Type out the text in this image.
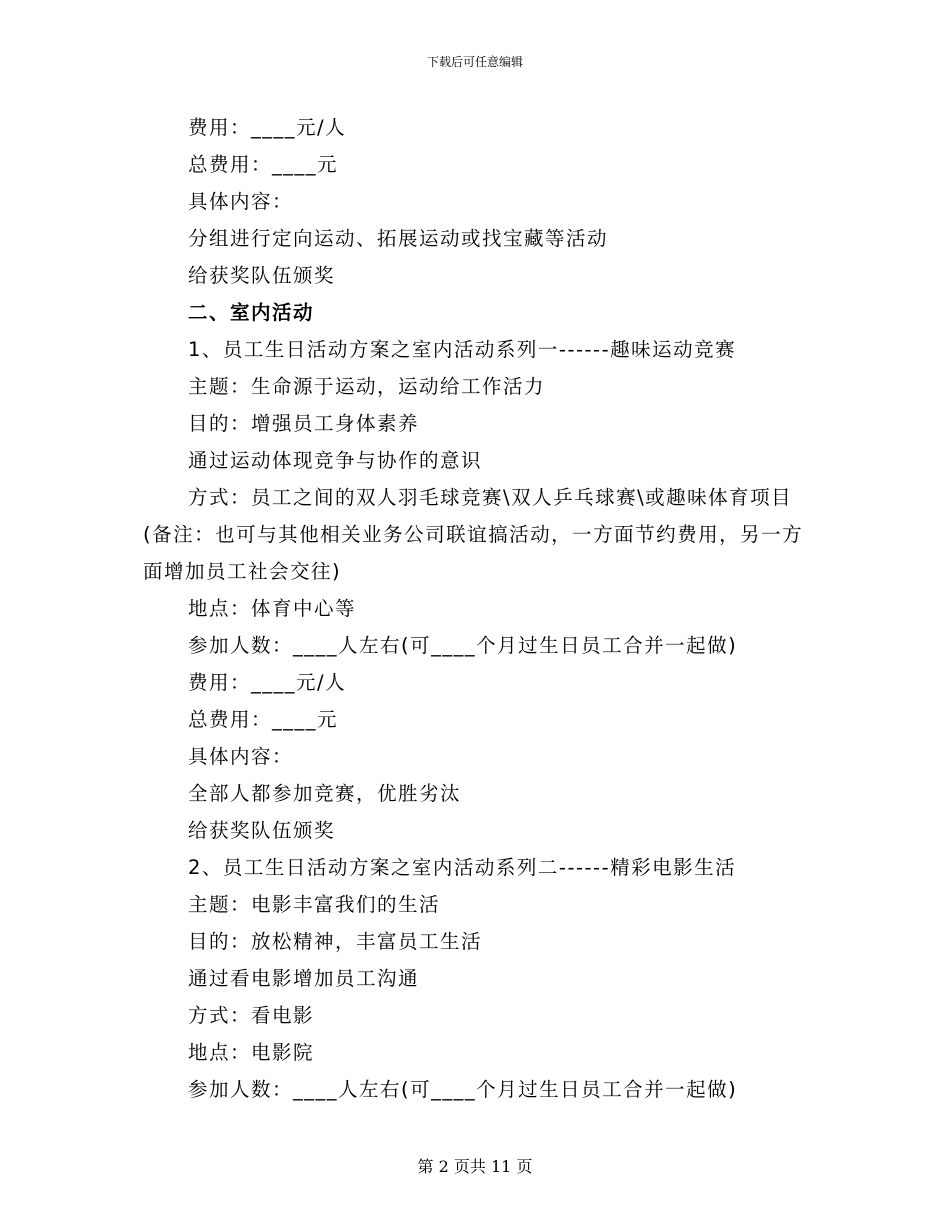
下载后可任意编辑
费用：____元/人
总费用：____元
具体内容：
分组进行定向运动、拓展运动或找宝藏等活动
给获奖队伍颁奖
二、室内活动
1、员工生日活动方案之室内活动系列一------趣味运动竞赛
主题：生命源于运动，运动给工作活力
目的：增强员工身体素养
通过运动体现竞争与协作的意识
方式：员工之间的双人羽毛球竞赛\双人乒乓球赛\或趣味体育项目(备注：也可与其他相关业务公司联谊搞活动，一方面节约费用，另一方面增加员工社会交往)
地点：体育中心等
参加人数：____人左右(可____个月过生日员工合并一起做)
费用：____元/人
总费用：____元
具体内容：
全部人都参加竞赛，优胜劣汰
给获奖队伍颁奖
2、员工生日活动方案之室内活动系列二------精彩电影生活
主题：电影丰富我们的生活
目的：放松精神，丰富员工生活
通过看电影增加员工沟通
方式：看电影
地点：电影院
参加人数：____人左右(可____个月过生日员工合并一起做)
第 2 页共 11 页
